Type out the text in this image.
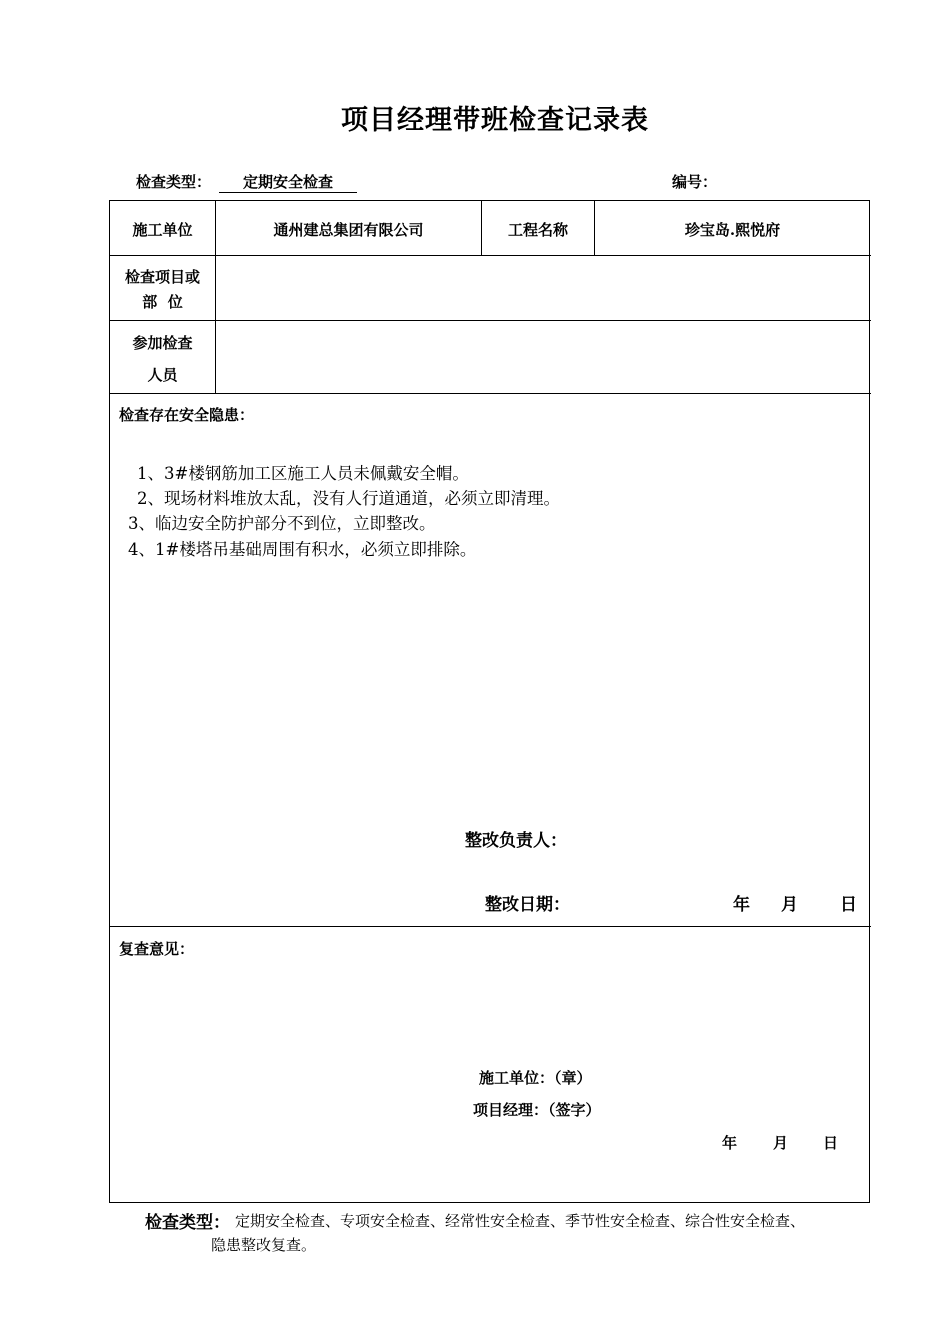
项目经理带班检查记录表
检查类型：	定期安全检查	编号：
施工单位	通州建总集团有限公司	工程名称	珍宝岛.熙悦府
检查项目或
部  位
参加检查
人员
检查存在安全隐患：
1、3#楼钢筋加工区施工人员未佩戴安全帽。
2、现场材料堆放太乱，没有人行道通道，必须立即清理。
3、临边安全防护部分不到位，立即整改。
4、1#楼塔吊基础周围有积水，必须立即排除。
整改负责人：
整改日期：	年 月 日
复查意见：
施工单位：（章）
项目经理：（签字）
年 月 日
检查类型： 定期安全检查、专项安全检查、经常性安全检查、季节性安全检查、综合性安全检查、
隐患整改复查。
